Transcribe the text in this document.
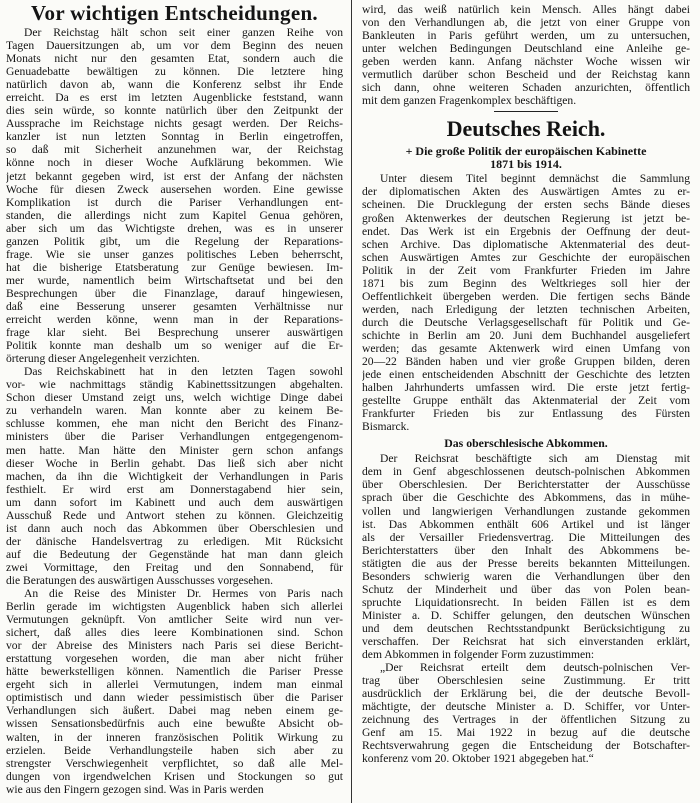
Vor wichtigen Entscheidungen.
Der Reichstag hält schon seit einer ganzen Reihe von
Tagen Dauersitzungen ab, um vor dem Beginn des neuen
Monats nicht nur den gesamten Etat, sondern auch die
Genuadebatte bewältigen zu können. Die letztere hing
natürlich davon ab, wann die Konferenz selbst ihr Ende
erreicht. Da es erst im letzten Augenblicke feststand, wann
dies sein würde, so konnte natürlich über den Zeitpunkt der
Aussprache im Reichstage nichts gesagt werden. Der Reichs-
kanzler ist nun letzten Sonntag in Berlin eingetroffen,
so daß mit Sicherheit anzunehmen war, der Reichstag
könne noch in dieser Woche Aufklärung bekommen. Wie
jetzt bekannt gegeben wird, ist erst der Anfang der nächsten
Woche für diesen Zweck ausersehen worden. Eine gewisse
Komplikation ist durch die Pariser Verhandlungen ent-
standen, die allerdings nicht zum Kapitel Genua gehören,
aber sich um das Wichtigste drehen, was es in unserer
ganzen Politik gibt, um die Regelung der Reparations-
frage. Wie sie unser ganzes politisches Leben beherrscht,
hat die bisherige Etatsberatung zur Genüge bewiesen. Im-
mer wurde, namentlich beim Wirtschaftsetat und bei den
Besprechungen über die Finanzlage, darauf hingewiesen,
daß eine Besserung unserer gesamten Verhältnisse nur
erreicht werden könne, wenn man in der Reparations-
frage klar sieht. Bei Besprechung unserer auswärtigen
Politik konnte man deshalb um so weniger auf die Er-
örterung dieser Angelegenheit verzichten.
Das Reichskabinett hat in den letzten Tagen sowohl
vor- wie nachmittags ständig Kabinettssitzungen abgehalten.
Schon dieser Umstand zeigt uns, welch wichtige Dinge dabei
zu verhandeln waren. Man konnte aber zu keinem Be-
schlusse kommen, ehe man nicht den Bericht des Finanz-
ministers über die Pariser Verhandlungen entgegengenom-
men hatte. Man hätte den Minister gern schon anfangs
dieser Woche in Berlin gehabt. Das ließ sich aber nicht
machen, da ihn die Wichtigkeit der Verhandlungen in Paris
festhielt. Er wird erst am Donnerstagabend hier sein,
um dann sofort im Kabinett und auch dem auswärtigen
Ausschuß Rede und Antwort stehen zu können. Gleichzeitig
ist dann auch noch das Abkommen über Oberschlesien und
der dänische Handelsvertrag zu erledigen. Mit Rücksicht
auf die Bedeutung der Gegenstände hat man dann gleich
zwei Vormittage, den Freitag und den Sonnabend, für
die Beratungen des auswärtigen Ausschusses vorgesehen.
An die Reise des Minister Dr. Hermes von Paris nach
Berlin gerade im wichtigsten Augenblick haben sich allerlei
Vermutungen geknüpft. Von amtlicher Seite wird nun ver-
sichert, daß alles dies leere Kombinationen sind. Schon
vor der Abreise des Ministers nach Paris sei diese Bericht-
erstattung vorgesehen worden, die man aber nicht früher
hätte bewerkstelligen können. Namentlich die Pariser Presse
ergeht sich in allerlei Vermutungen, indem man einmal
optimistisch und dann wieder pessimistisch über die Pariser
Verhandlungen sich äußert. Dabei mag neben einem ge-
wissen Sensationsbedürfnis auch eine bewußte Absicht ob-
walten, in der inneren französischen Politik Wirkung zu
erzielen. Beide Verhandlungsteile haben sich aber zu
strengster Verschwiegenheit verpflichtet, so daß alle Mel-
dungen von irgendwelchen Krisen und Stockungen so gut
wie aus den Fingern gezogen sind. Was in Paris werden
wird, das weiß natürlich kein Mensch. Alles hängt dabei
von den Verhandlungen ab, die jetzt von einer Gruppe von
Bankleuten in Paris geführt werden, um zu untersuchen,
unter welchen Bedingungen Deutschland eine Anleihe ge-
geben werden kann. Anfang nächster Woche wissen wir
vermutlich darüber schon Bescheid und der Reichstag kann
sich dann, ohne weiteren Schaden anzurichten, öffentlich
mit dem ganzen Fragenkomplex beschäftigen.
Deutsches Reich.
+ Die große Politik der europäischen Kabinette
1871 bis 1914.
Unter diesem Titel beginnt demnächst die Sammlung
der diplomatischen Akten des Auswärtigen Amtes zu er-
scheinen. Die Drucklegung der ersten sechs Bände dieses
großen Aktenwerkes der deutschen Regierung ist jetzt be-
endet. Das Werk ist ein Ergebnis der Oeffnung der deut-
schen Archive. Das diplomatische Aktenmaterial des deut-
schen Auswärtigen Amtes zur Geschichte der europäischen
Politik in der Zeit vom Frankfurter Frieden im Jahre
1871 bis zum Beginn des Weltkrieges soll hier der
Oeffentlichkeit übergeben werden. Die fertigen sechs Bände
werden, nach Erledigung der letzten technischen Arbeiten,
durch die Deutsche Verlagsgesellschaft für Politik und Ge-
schichte in Berlin am 20. Juni dem Buchhandel ausgeliefert
werden; das gesamte Aktenwerk wird einen Umfang von
20—22 Bänden haben und vier große Gruppen bilden, deren
jede einen entscheidenden Abschnitt der Geschichte des letzten
halben Jahrhunderts umfassen wird. Die erste jetzt fertig-
gestellte Gruppe enthält das Aktenmaterial der Zeit vom
Frankfurter Frieden bis zur Entlassung des Fürsten
Bismarck.
Das oberschlesische Abkommen.
Der Reichsrat beschäftigte sich am Dienstag mit
dem in Genf abgeschlossenen deutsch-polnischen Abkommen
über Oberschlesien. Der Berichterstatter der Ausschüsse
sprach über die Geschichte des Abkommens, das in mühe-
vollen und langwierigen Verhandlungen zustande gekommen
ist. Das Abkommen enthält 606 Artikel und ist länger
als der Versailler Friedensvertrag. Die Mitteilungen des
Berichterstatters über den Inhalt des Abkommens be-
stätigten die aus der Presse bereits bekannten Mitteilungen.
Besonders schwierig waren die Verhandlungen über den
Schutz der Minderheit und über das von Polen bean-
spruchte Liquidationsrecht. In beiden Fällen ist es dem
Minister a. D. Schiffer gelungen, den deutschen Wünschen
und dem deutschen Rechtsstandpunkt Berücksichtigung zu
verschaffen. Der Reichsrat hat sich einverstanden erklärt,
dem Abkommen in folgender Form zuzustimmen:
„Der Reichsrat erteilt dem deutsch-polnischen Ver-
trag über Oberschlesien seine Zustimmung. Er tritt
ausdrücklich der Erklärung bei, die der deutsche Bevoll-
mächtigte, der deutsche Minister a. D. Schiffer, vor Unter-
zeichnung des Vertrages in der öffentlichen Sitzung zu
Genf am 15. Mai 1922 in bezug auf die deutsche
Rechtsverwahrung gegen die Entscheidung der Botschafter-
konferenz vom 20. Oktober 1921 abgegeben hat.“
